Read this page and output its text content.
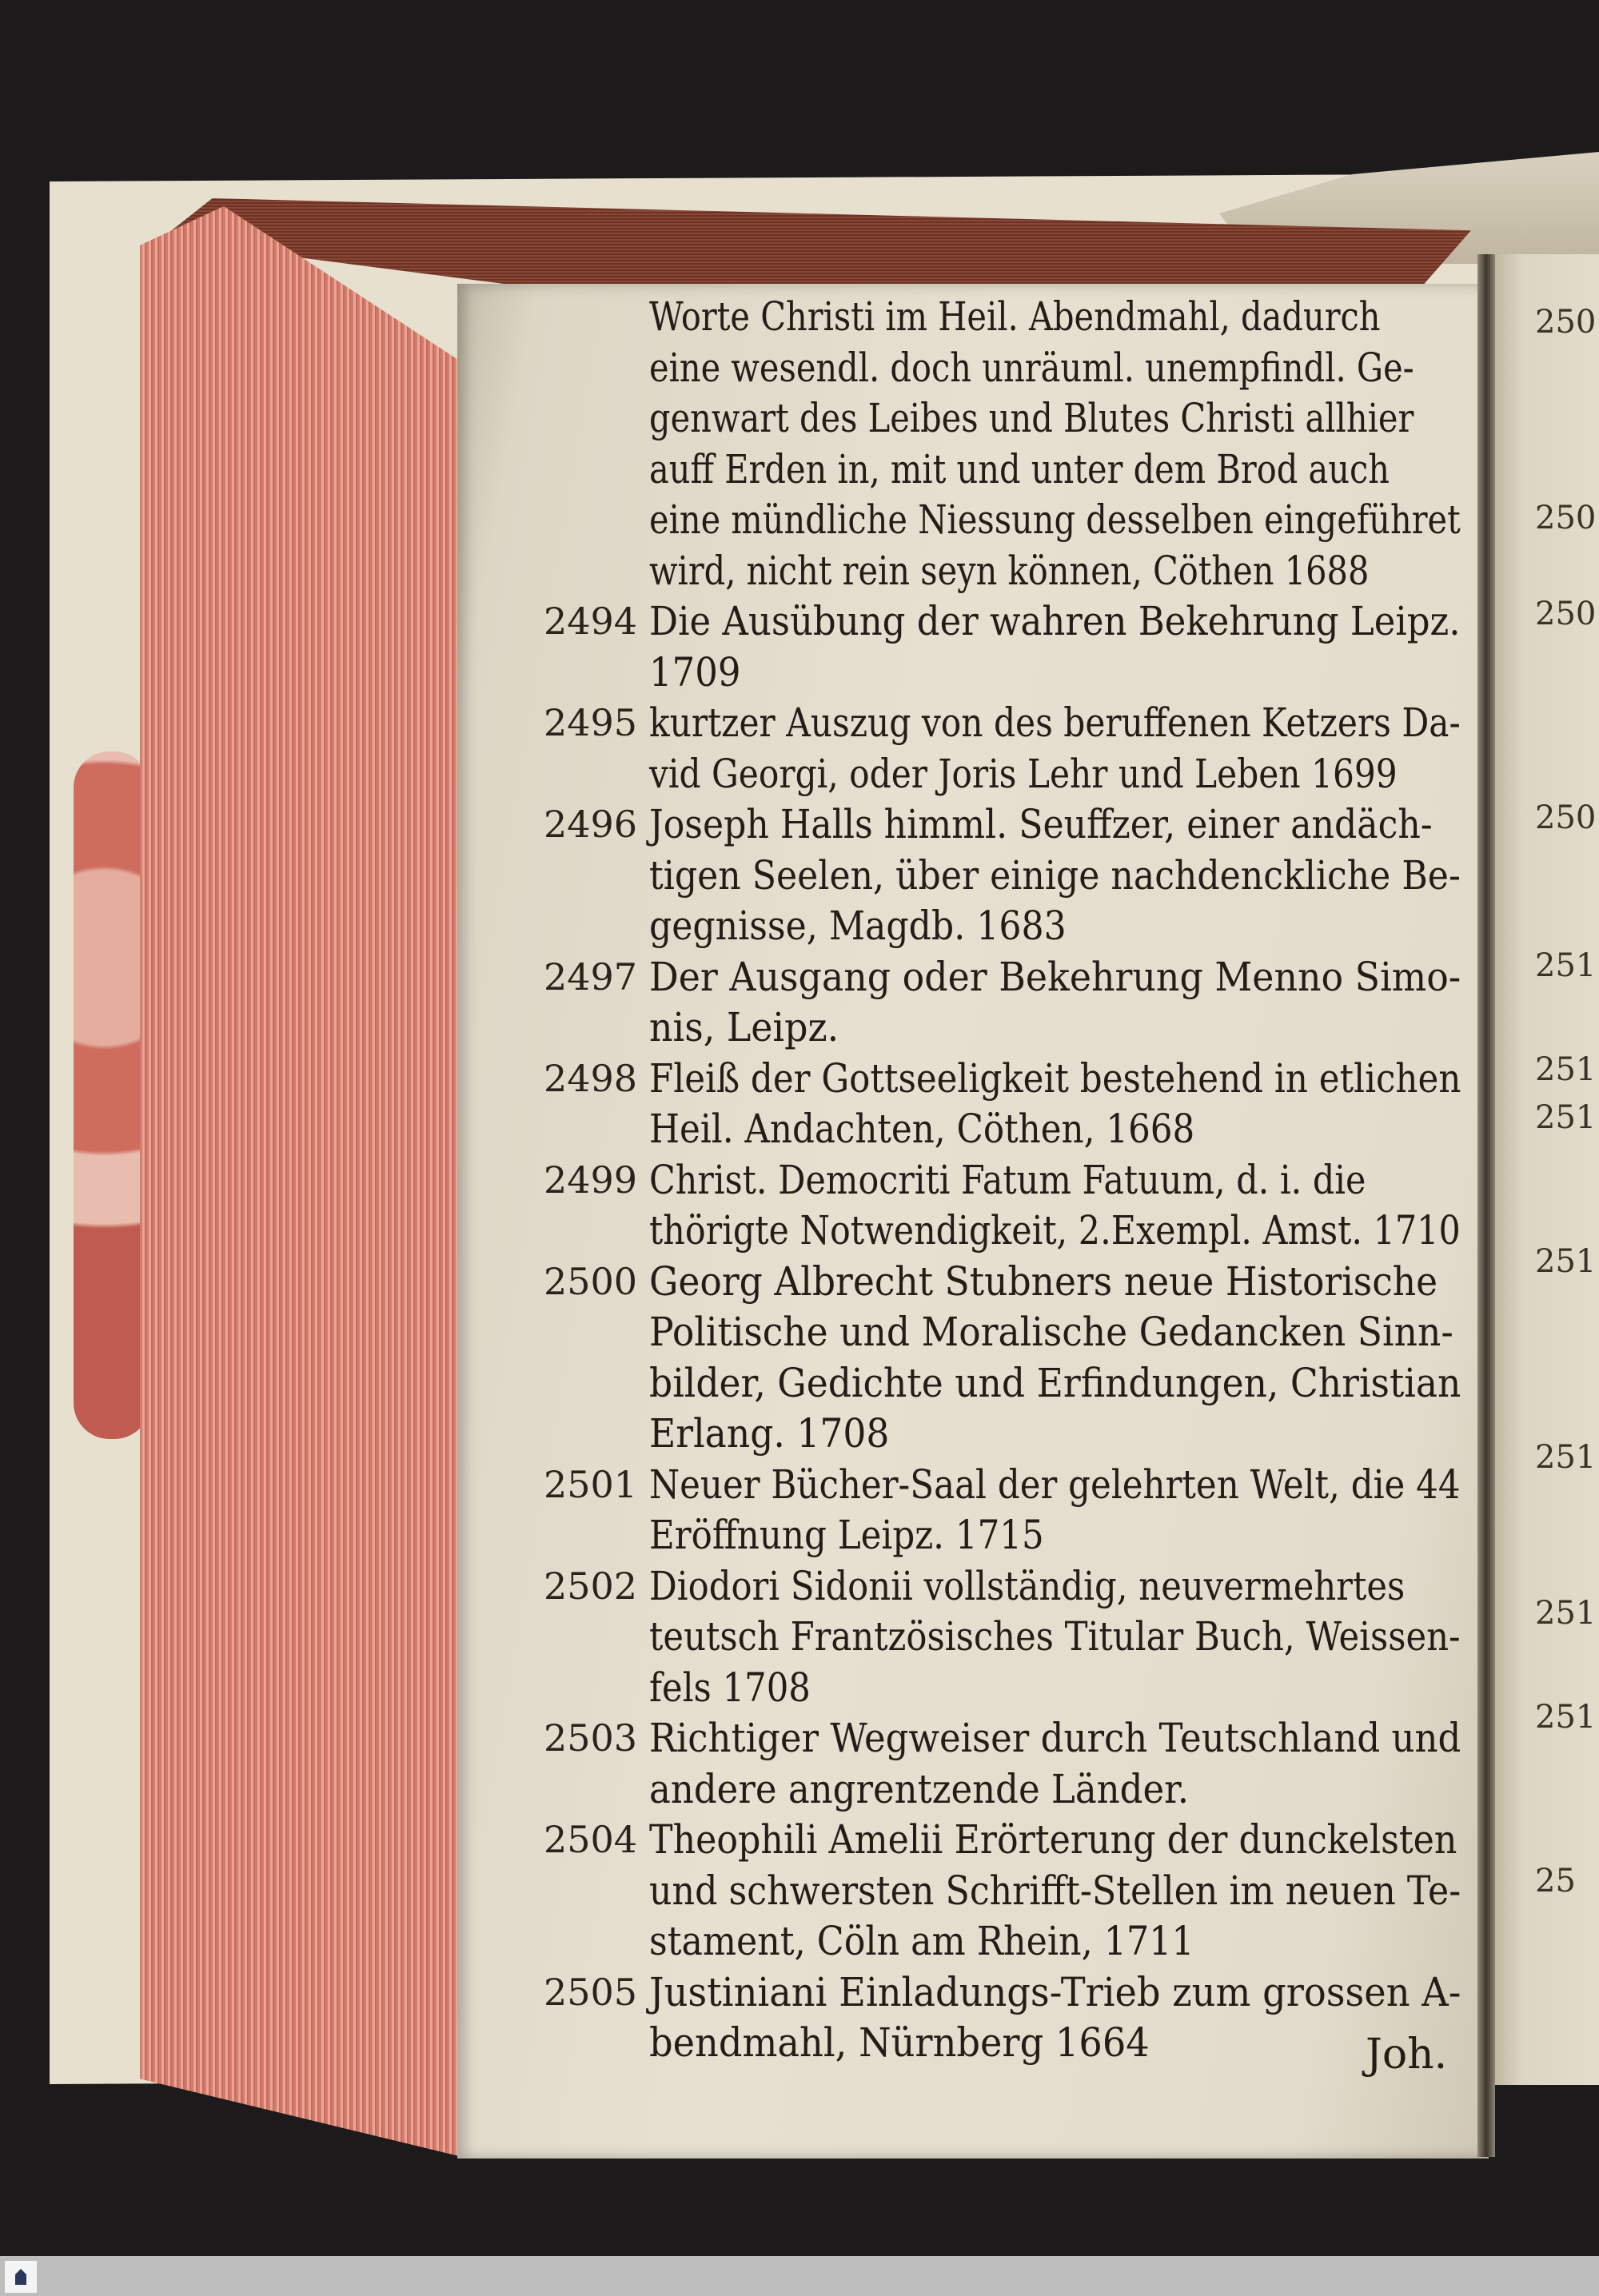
Worte Christi im Heil. Abendmahl, dadurch
eine wesendl. doch unräuml. unempfindl. Ge-
genwart des Leibes und Blutes Christi allhier
auff Erden in, mit und unter dem Brod auch
eine mündliche Niessung desselben eingeführet
wird, nicht rein seyn können, Cöthen 1688
2494 Die Ausübung der wahren Bekehrung Leipz.
1709
2495 kurtzer Auszug von des beruffenen Ketzers Da-
vid Georgi, oder Joris Lehr und Leben 1699
2496 Joseph Halls himml. Seuffzer, einer andäch-
tigen Seelen, über einige nachdenckliche Be-
gegnisse, Magdb. 1683
2497 Der Ausgang oder Bekehrung Menno Simo-
nis, Leipz.
2498 Fleiß der Gottseeligkeit bestehend in etlichen
Heil. Andachten, Cöthen, 1668
2499 Christ. Democriti Fatum Fatuum, d. i. die
thörigte Notwendigkeit, 2.Exempl. Amst. 1710
2500 Georg Albrecht Stubners neue Historische
Politische und Moralische Gedancken Sinn-
bilder, Gedichte und Erfindungen, Christian
Erlang. 1708
2501 Neuer Bücher-Saal der gelehrten Welt, die 44
Eröffnung Leipz. 1715
2502 Diodori Sidonii vollständig, neuvermehrtes
teutsch Frantzösisches Titular Buch, Weissen-
fels 1708
2503 Richtiger Wegweiser durch Teutschland und
andere angrentzende Länder.
2504 Theophili Amelii Erörterung der dunckelsten
und schwersten Schrifft-Stellen im neuen Te-
stament, Cöln am Rhein, 1711
2505 Justiniani Einladungs-Trieb zum grossen A-
bendmahl, Nürnberg 1664	Joh.
250
250
250
250
251
251
251
251
251
251
251
25
